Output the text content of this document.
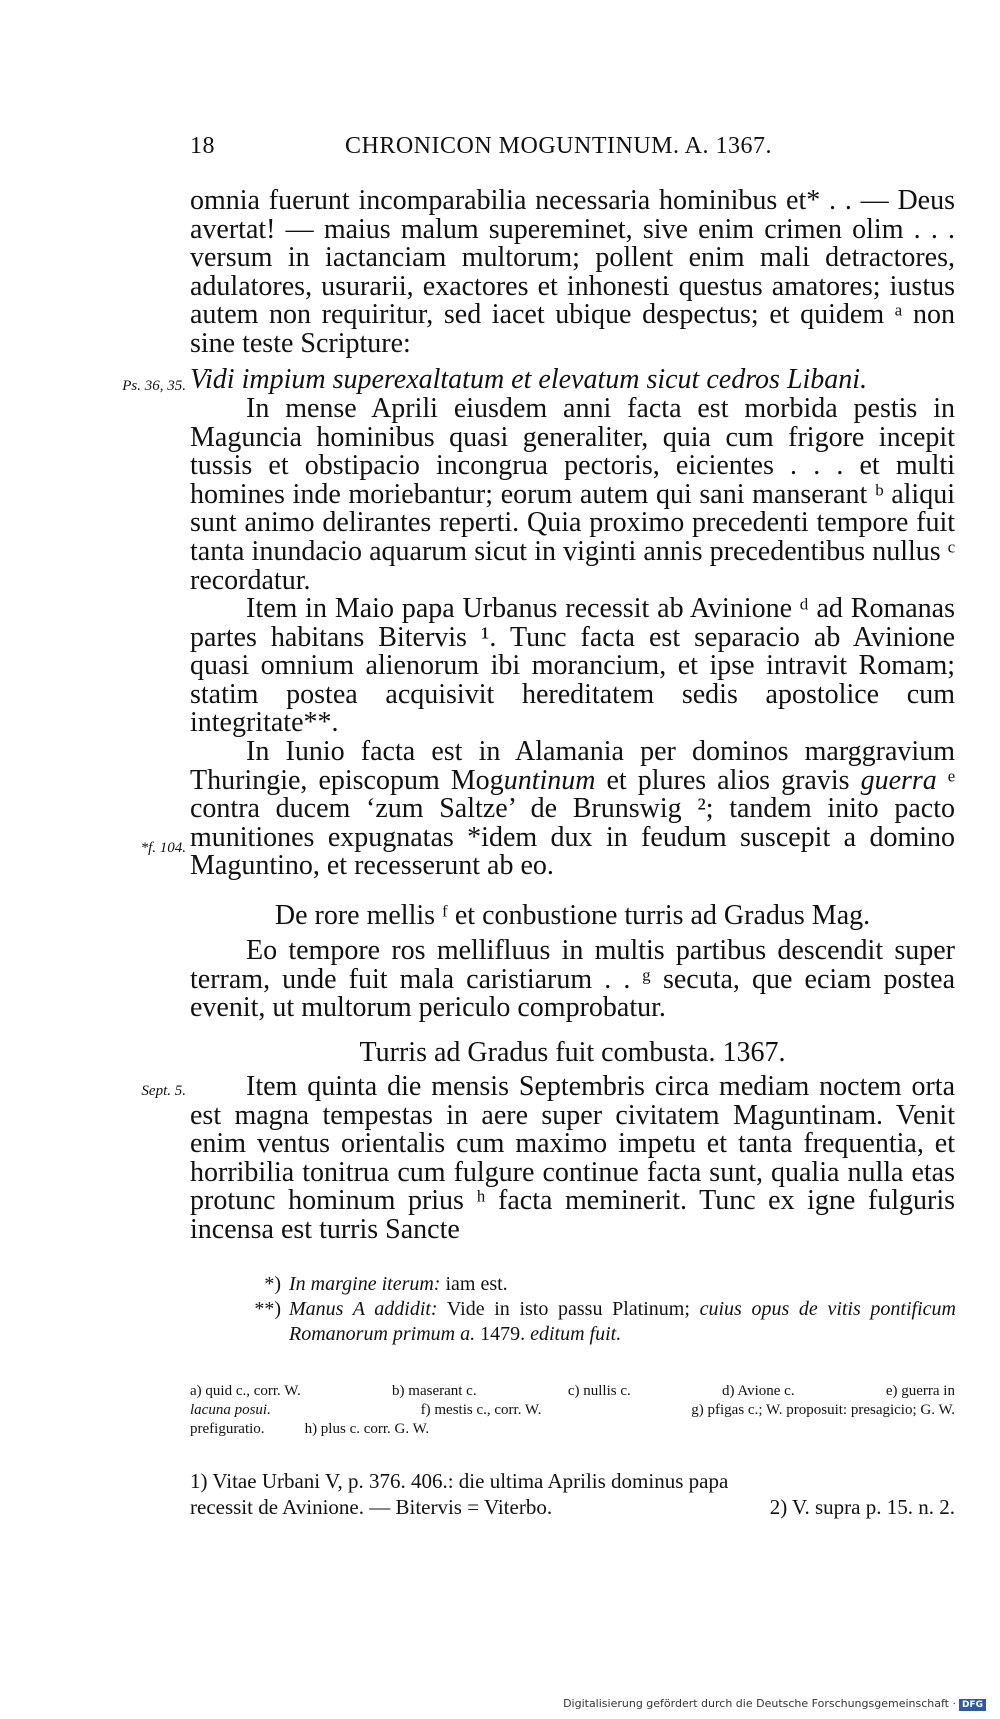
18	CHRONICON MOGUNTINUM. A. 1367.

omnia fuerunt incomparabilia necessaria hominibus et* . . — Deus avertat! — maius malum superemin⁠et, sive enim crimen olim . . . versum in iactanciam multorum; pollent enim mali detractores, adulatores, usurarii, exactores et inhonesti questus amatores; iustus autem non requiritur, sed iacet ubique despectus; et quidem ᵃ non sine teste Scripture:

Ps. 36, 35. Vidi impium superexaltatum et elevatum sicut cedros Libani.

In mense Aprili eiusdem anni facta est morbida pestis in Maguncia hominibus quasi generaliter, quia cum frigore incepit tussis et obstipacio incongrua pectoris, eicientes . . . et multi homines inde moriebantur; eorum autem qui sani manserant ᵇ aliqui sunt animo delirantes reperti. Quia proximo precedenti tempore fuit tanta inundacio aquarum sicut in viginti annis precedentibus nullus ᶜ recordatur.

Item in Maio papa Urbanus recessit ab Avinione ᵈ ad Romanas partes habitans Bitervis ¹. Tunc facta est separacio ab Avinione quasi omnium alienorum ibi morancium, et ipse intravit Romam; statim postea acquisivit hereditatem sedis apostolice cum integritate**.

In Iunio facta est in Alamania per dominos marggravium Thuringie, episcopum Moguntinum et plures alios gravis guerra ᵉ contra ducem ‘zum Saltze’ de Brunswig ²; tandem inito pacto munitiones expugnatas *idem dux in feudum suscepit a domino Maguntino, et recesserunt ab eo.

*f. 104.
De rore mellis ᶠ et conbustione turris ad Gradus Mag.

Eo tempore ros mellifluus in multis partibus descendit super terram, unde fuit mala caristiarum . . ᵍ secuta, que eciam postea evenit, ut multorum periculo comprobatur.

Turris ad Gradus fuit combusta. 1367.
Sept. 5.	Item quinta die mensis Septembris circa mediam noctem orta est magna tempestas in aere super civitatem Maguntinam. Venit enim ventus orientalis cum maximo impetu et tanta frequentia, et horribilia tonitrua cum fulgure continue facta sunt, qualia nulla etas protunc hominum prius ʰ facta meminerit. Tunc ex igne fulguris incensa est turris Sancte

*) In margine iterum: iam est.
**) Manus A addidit: Vide in isto passu Platinum; cuius opus de vitis pontificum Romanorum primum a. 1479. editum fuit.
a) quid c., corr. W.	b) maserant c.	c) nullis c.	d) Avione c.	e) guerra in
lacuna posui.	f) mestis c., corr. W.	g) pfigas c.; W. proposuit: presagicio; G. W.
prefiguratio.	h) plus c. corr. G. W.
1) Vitae Urbani V, p. 376. 406.: die ultima Aprilis dominus papa
recessit de Avinione. — Bitervis = Viterbo.	2) V. supra p. 15. n. 2.
Digitalisierung gefördert durch die Deutsche Forschungsgemeinschaft · DFG
